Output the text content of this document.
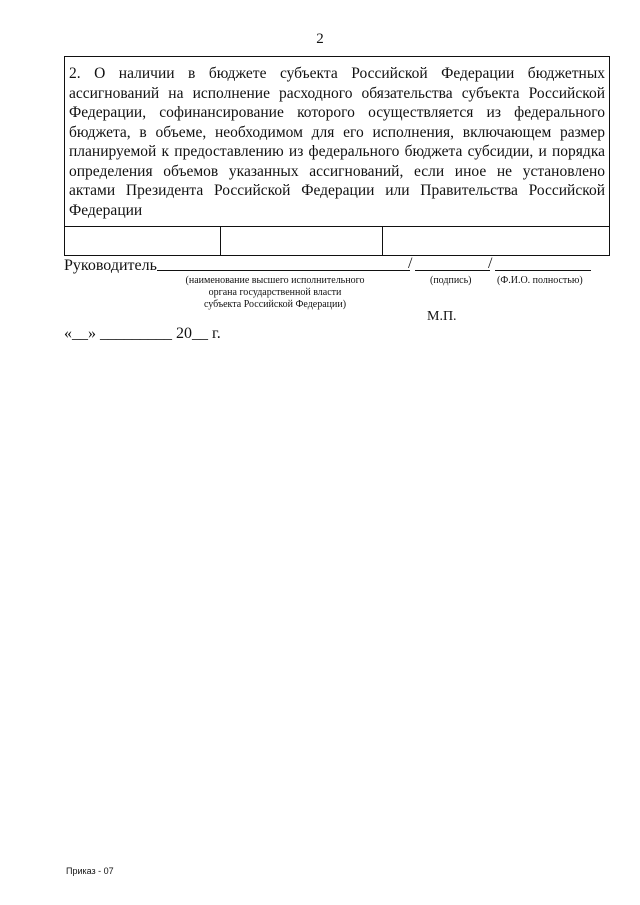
2
2. О наличии в бюджете субъекта Российской Федерации бюджетных ассигнований на исполнение расходного обязательства субъекта Российской Федерации, софинансирование которого осуществляется из федерального бюджета, в объеме, необходимом для его исполнения, включающем размер планируемой к предоставлению из федерального бюджета субсидии, и порядка определения объемов указанных ассигнований, если иное не установлено актами Президента Российской Федерации или Правительства Российской Федерации

Руководитель	/	/
(наименование высшего исполнительного
органа государственной власти
субъекта Российской Федерации)
(подпись)	(Ф.И.О. полностью)
М.П.
«__» _________ 20__ г.
Приказ - 07
